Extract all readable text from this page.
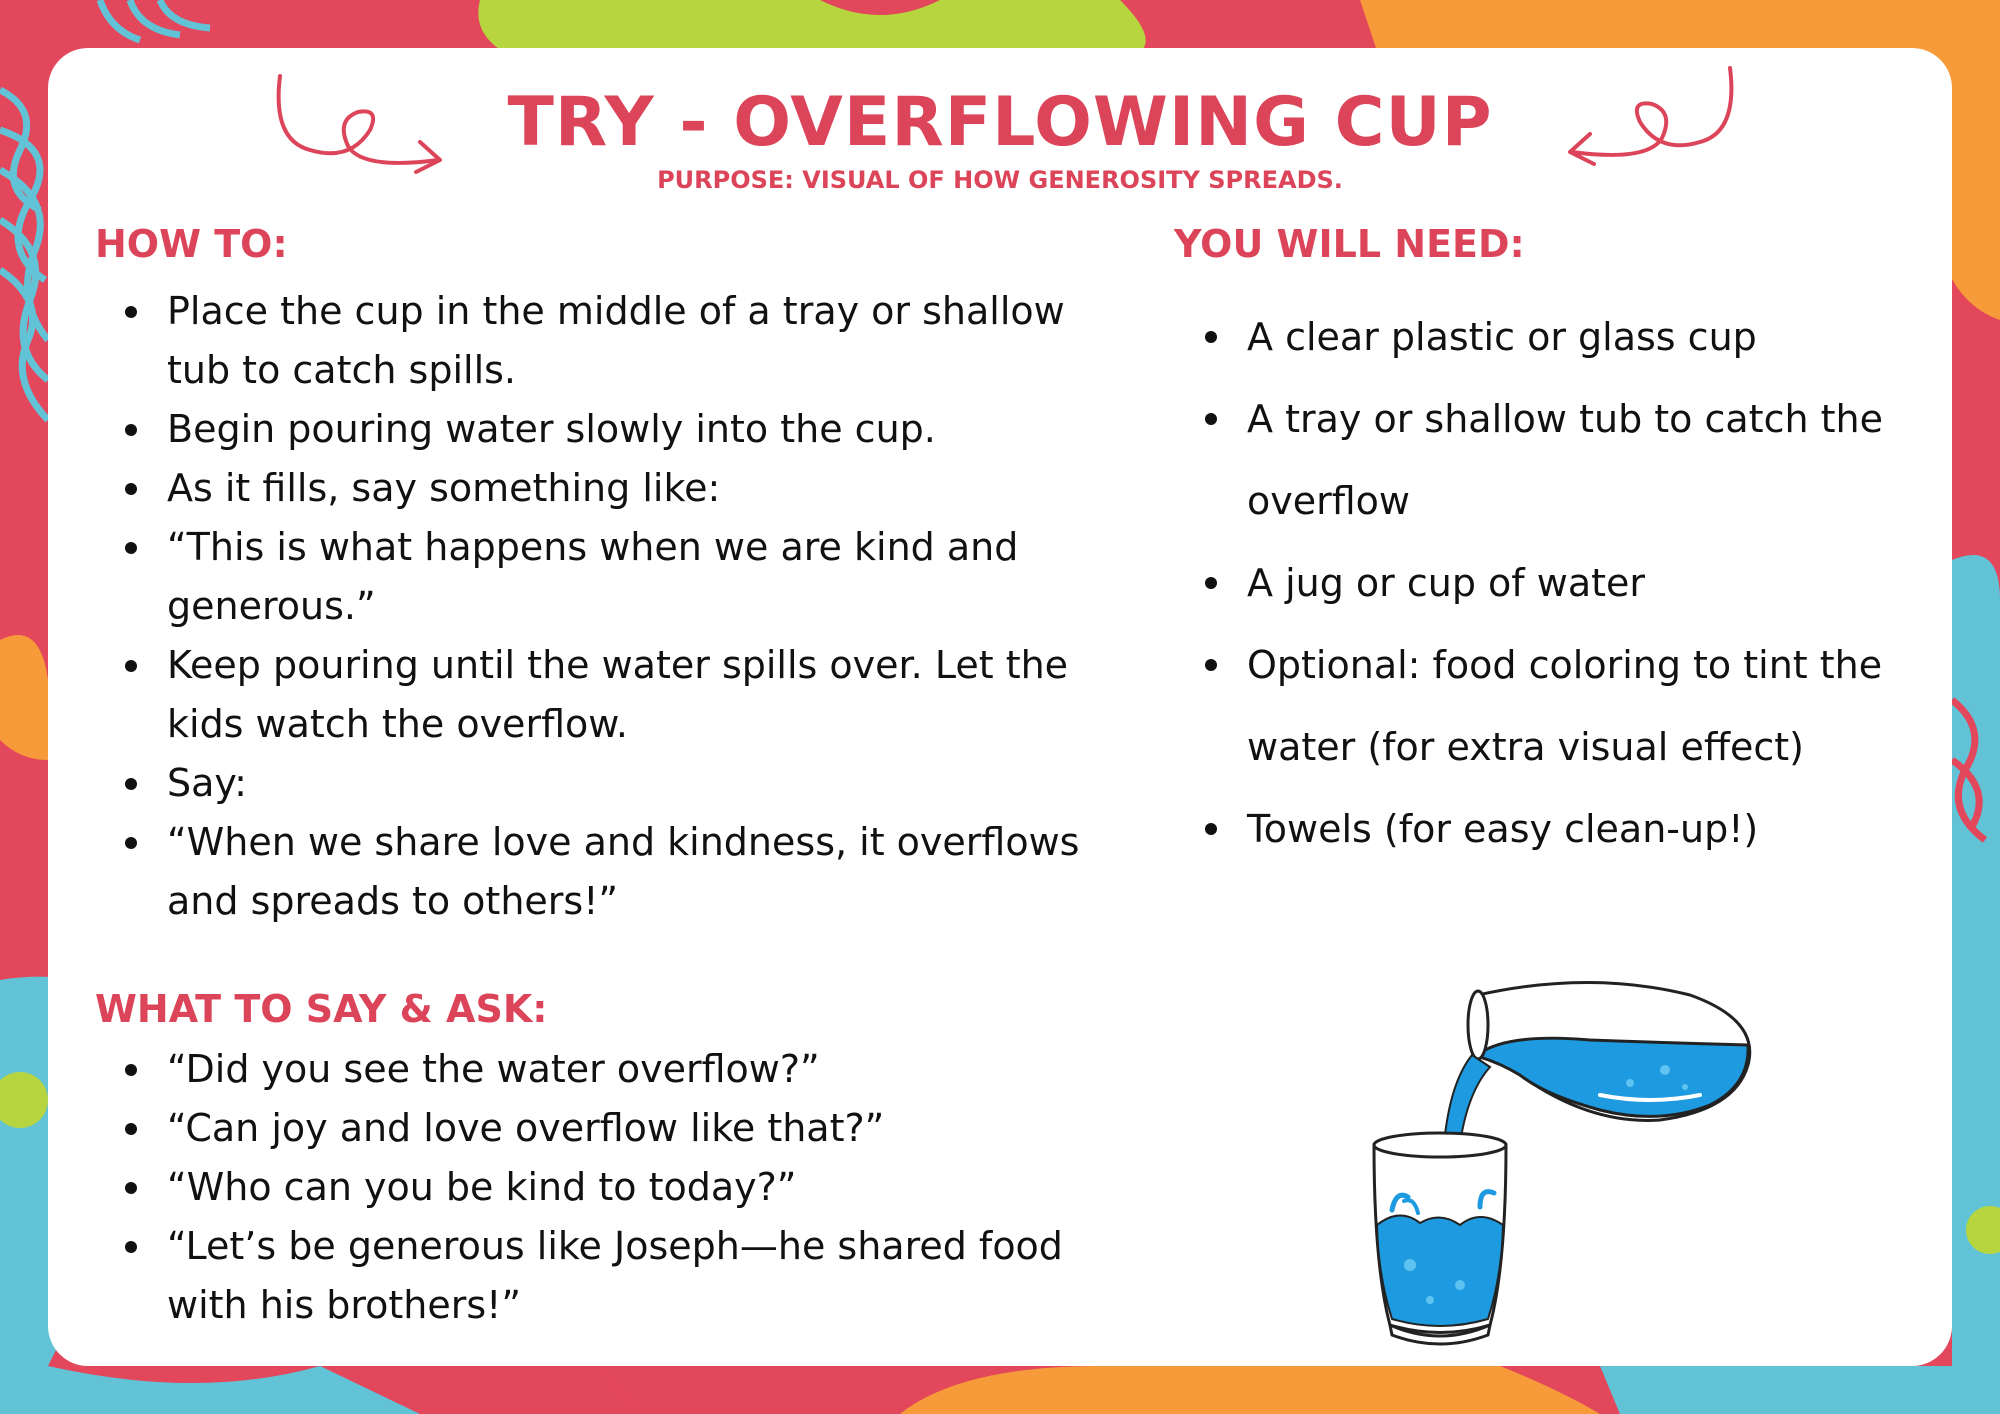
TRY - OVERFLOWING CUP

PURPOSE: VISUAL OF HOW GENEROSITY SPREADS.

HOW TO:
Place the cup in the middle of a tray or shallow tub to catch spills.
Begin pouring water slowly into the cup.
As it fills, say something like:
“This is what happens when we are kind and generous.”
Keep pouring until the water spills over. Let the kids watch the overflow.
Say:
“When we share love and kindness, it overflows and spreads to others!”
WHAT TO SAY & ASK:
“Did you see the water overflow?”
“Can joy and love overflow like that?”
“Who can you be kind to today?”
“Let’s be generous like Joseph—he shared food with his brothers!”
YOU WILL NEED:
A clear plastic or glass cup
A tray or shallow tub to catch the overflow
A jug or cup of water
Optional: food coloring to tint the water (for extra visual effect)
Towels (for easy clean-up!)
